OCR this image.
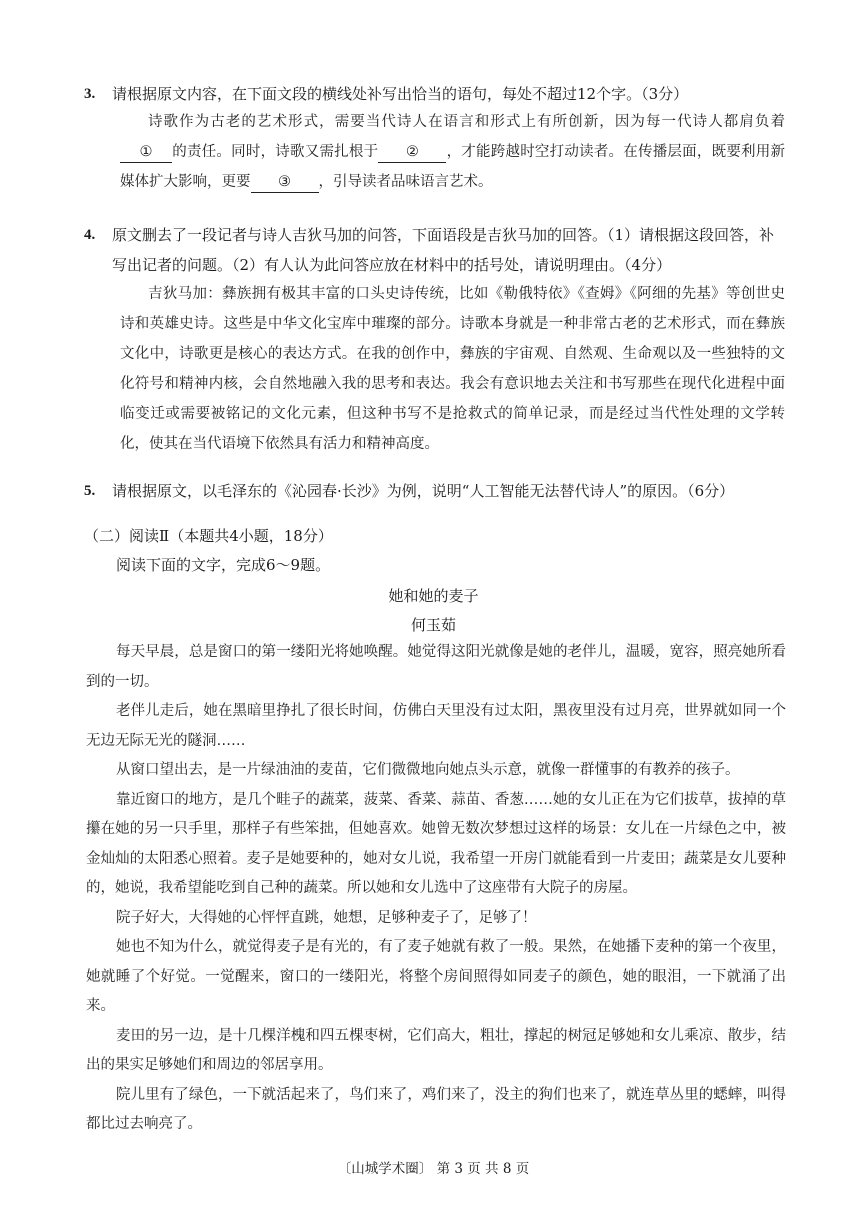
3. 请根据原文内容，在下面文段的横线处补写出恰当的语句，每处不超过12个字。（3分）
诗歌作为古老的艺术形式，需要当代诗人在语言和形式上有所创新，因为每一代诗人都肩负着① 的责任。同时，诗歌又需扎根于 ② ，才能跨越时空打动读者。在传播层面，既要利用新媒体扩大影响，更要 ③ ，引导读者品味语言艺术。
4. 原文删去了一段记者与诗人吉狄马加的问答，下面语段是吉狄马加的回答。（1）请根据这段回答，补写出记者的问题。（2）有人认为此问答应放在材料中的括号处，请说明理由。（4分）
吉狄马加：彝族拥有极其丰富的口头史诗传统，比如《勒俄特依》《查姆》《阿细的先基》等创世史诗和英雄史诗。这些是中华文化宝库中璀璨的部分。诗歌本身就是一种非常古老的艺术形式，而在彝族文化中，诗歌更是核心的表达方式。在我的创作中，彝族的宇宙观、自然观、生命观以及一些独特的文化符号和精神内核，会自然地融入我的思考和表达。我会有意识地去关注和书写那些在现代化进程中面临变迁或需要被铭记的文化元素，但这种书写不是抢救式的简单记录，而是经过当代性处理的文学转化，使其在当代语境下依然具有活力和精神高度。
5. 请根据原文，以毛泽东的《沁园春·长沙》为例，说明“人工智能无法替代诗人”的原因。（6分）
（二）阅读Ⅱ（本题共4小题，18分）
阅读下面的文字，完成6～9题。
她和她的麦子
何玉茹

每天早晨，总是窗口的第一缕阳光将她唤醒。她觉得这阳光就像是她的老伴儿，温暖，宽容，照亮她所看到的一切。

老伴儿走后，她在黑暗里挣扎了很长时间，仿佛白天里没有过太阳，黑夜里没有过月亮，世界就如同一个无边无际无光的隧洞……

从窗口望出去，是一片绿油油的麦苗，它们微微地向她点头示意，就像一群懂事的有教养的孩子。

靠近窗口的地方，是几个畦子的蔬菜，菠菜、香菜、蒜苗、香葱……她的女儿正在为它们拔草，拔掉的草攥在她的另一只手里，那样子有些笨拙，但她喜欢。她曾无数次梦想过这样的场景：女儿在一片绿色之中，被金灿灿的太阳悉心照着。麦子是她要种的，她对女儿说，我希望一开房门就能看到一片麦田；蔬菜是女儿要种的，她说，我希望能吃到自己种的蔬菜。所以她和女儿选中了这座带有大院子的房屋。

院子好大，大得她的心怦怦直跳，她想，足够种麦子了，足够了！

她也不知为什么，就觉得麦子是有光的，有了麦子她就有救了一般。果然，在她播下麦种的第一个夜里，她就睡了个好觉。一觉醒来，窗口的一缕阳光，将整个房间照得如同麦子的颜色，她的眼泪，一下就涌了出来。

麦田的另一边，是十几棵洋槐和四五棵枣树，它们高大，粗壮，撑起的树冠足够她和女儿乘凉、散步，结出的果实足够她们和周边的邻居享用。

院儿里有了绿色，一下就活起来了，鸟们来了，鸡们来了，没主的狗们也来了，就连草丛里的蟋蟀，叫得都比过去响亮了。

〔山城学术圈〕 第 3 页 共 8 页
